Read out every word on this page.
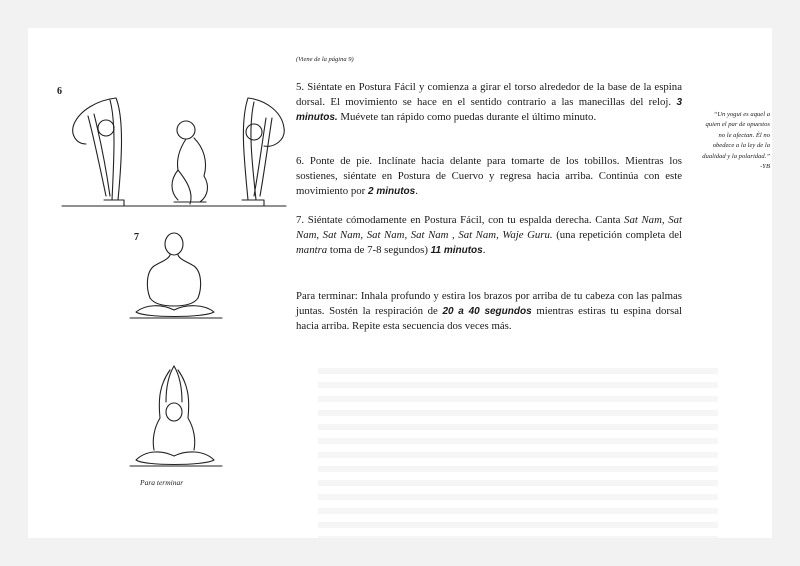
(Viene de la página 9)
6
7
Para terminar
5. Siéntate en Postura Fácil y comienza a girar el torso alrededor de la base de la espina dorsal. El movimiento se hace en el sentido contrario a las manecillas del reloj. 3 minutos. Muévete tan rápido como puedas durante el último minuto.
6. Ponte de pie. Inclínate hacia delante para tomarte de los tobillos. Mientras los sostienes, siéntate en Postura de Cuervo y regresa hacia arriba. Continúa con este movimiento por 2 minutos.
7. Siéntate cómodamente en Postura Fácil, con tu espalda derecha. Canta Sat Nam, Sat Nam, Sat Nam, Sat Nam, Sat Nam , Sat Nam, Waje Guru. (una repetición completa del mantra toma de 7-8 segundos) 11 minutos.
Para terminar: Inhala profundo y estira los brazos por arriba de tu cabeza con las palmas juntas. Sostén la respiración de 20 a 40 segundos mientras estiras tu espina dorsal hacia arriba. Repite esta secuencia dos veces más.
“Un yogui es aquel a quien el par de opuestos no le afectan. Él no obedece a la ley de la dualidad y la polaridad.” -YB
